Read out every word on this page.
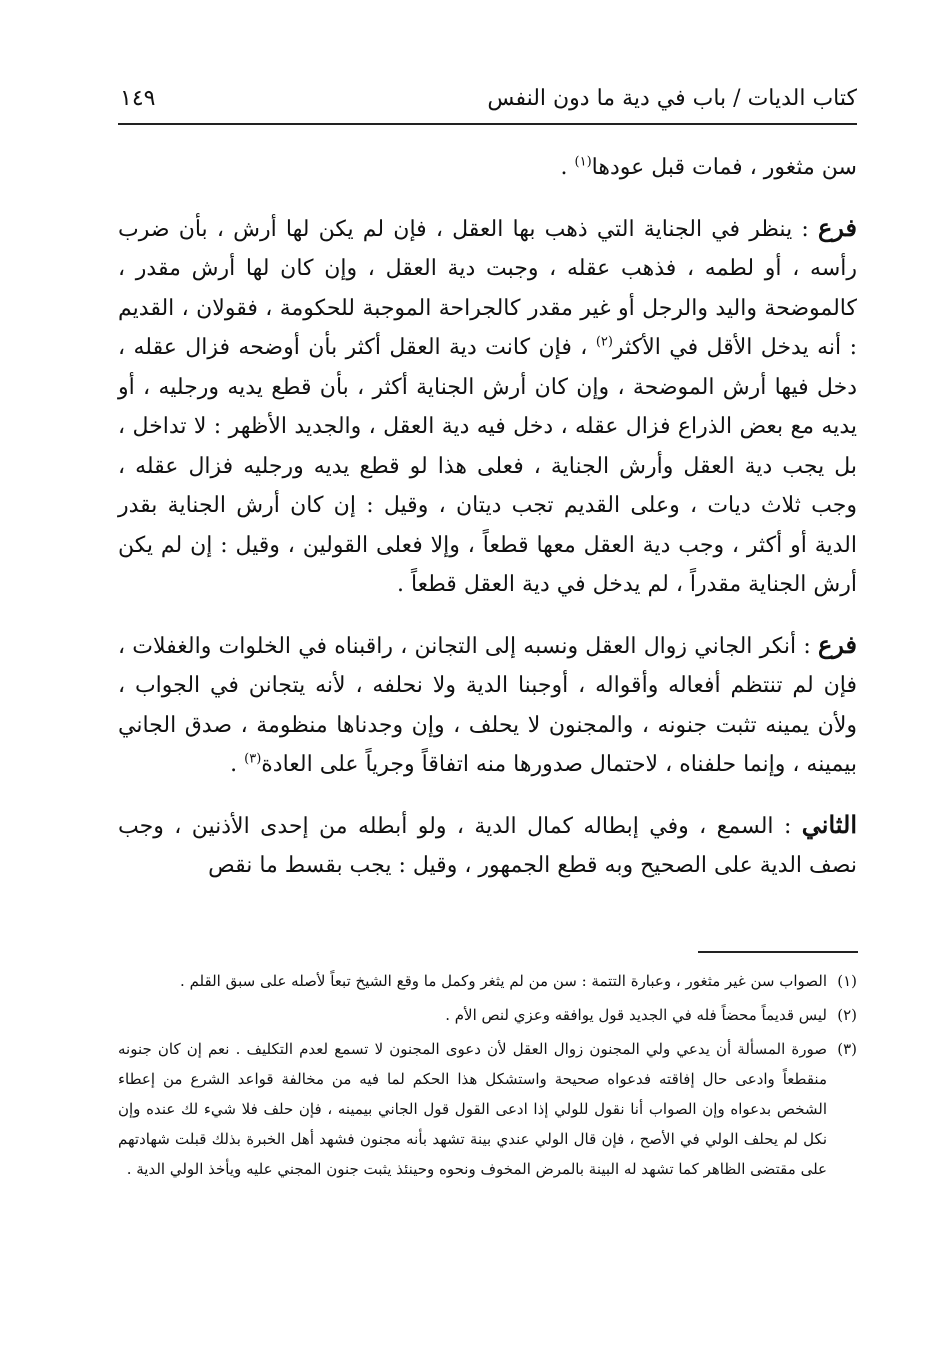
كتاب الديات / باب في دية ما دون النفس
١٤٩

سن مثغور ، فمات قبل عودها$^{(١)}$ .

فرع : ينظر في الجناية التي ذهب بها العقل ، فإن لم يكن لها أرش ، بأن ضرب رأسه ، أو لطمه ، فذهب عقله ، وجبت دية العقل ، وإن كان لها أرش مقدر ، كالموضحة واليد والرجل أو غير مقدر كالجراحة الموجبة للحكومة ، فقولان ، القديم : أنه يدخل الأقل في الأكثر$^{(٢)}$ ، فإن كانت دية العقل أكثر بأن أوضحه فزال عقله ، دخل فيها أرش الموضحة ، وإن كان أرش الجناية أكثر ، بأن قطع يديه ورجليه ، أو يديه مع بعض الذراع فزال عقله ، دخل فيه دية العقل ، والجديد الأظهر : لا تداخل ، بل يجب دية العقل وأرش الجناية ، فعلى هذا لو قطع يديه ورجليه فزال عقله ، وجب ثلاث ديات ، وعلى القديم تجب ديتان ، وقيل : إن كان أرش الجناية بقدر الدية أو أكثر ، وجب دية العقل معها قطعاً ، وإلا فعلى القولين ، وقيل : إن لم يكن أرش الجناية مقدراً ، لم يدخل في دية العقل قطعاً .

فرع : أنكر الجاني زوال العقل ونسبه إلى التجانن ، راقبناه في الخلوات والغفلات ، فإن لم تنتظم أفعاله وأقواله ، أوجبنا الدية ولا نحلفه ، لأنه يتجانن في الجواب ، ولأن يمينه تثبت جنونه ، والمجنون لا يحلف ، وإن وجدناها منظومة ، صدق الجاني بيمينه ، وإنما حلفناه ، لاحتمال صدورها منه اتفاقاً وجرياً على العادة$^{(٣)}$ .

الثاني : السمع ، وفي إبطاله كمال الدية ، ولو أبطله من إحدى الأذنين ، وجب نصف الدية على الصحيح وبه قطع الجمهور ، وقيل : يجب بقسط ما نقص

(١)
الصواب سن غير مثغور ، وعبارة التتمة : سن من لم يثغر وكمل ما وقع الشيخ تبعاً لأصله على سبق القلم .
(٢)
ليس قديماً محضاً فله في الجديد قول يوافقه وعزي لنص الأم .
(٣)
صورة المسألة أن يدعي ولي المجنون زوال العقل لأن دعوى المجنون لا تسمع لعدم التكليف . نعم إن كان جنونه منقطعاً وادعى حال إفاقته فدعواه صحيحة واستشكل هذا الحكم لما فيه من مخالفة قواعد الشرع من إعطاء الشخص بدعواه وإن الصواب أنا نقول للولي إذا ادعى القول قول الجاني بيمينه ، فإن حلف فلا شيء لك عنده وإن نكل لم يحلف الولي في الأصح ، فإن قال الولي عندي بينة تشهد بأنه مجنون فشهد أهل الخبرة بذلك قبلت شهادتهم على مقتضى الظاهر كما تشهد له البينة بالمرض المخوف ونحوه وحينئذ يثبت جنون المجني عليه ويأخذ الولي الدية .
